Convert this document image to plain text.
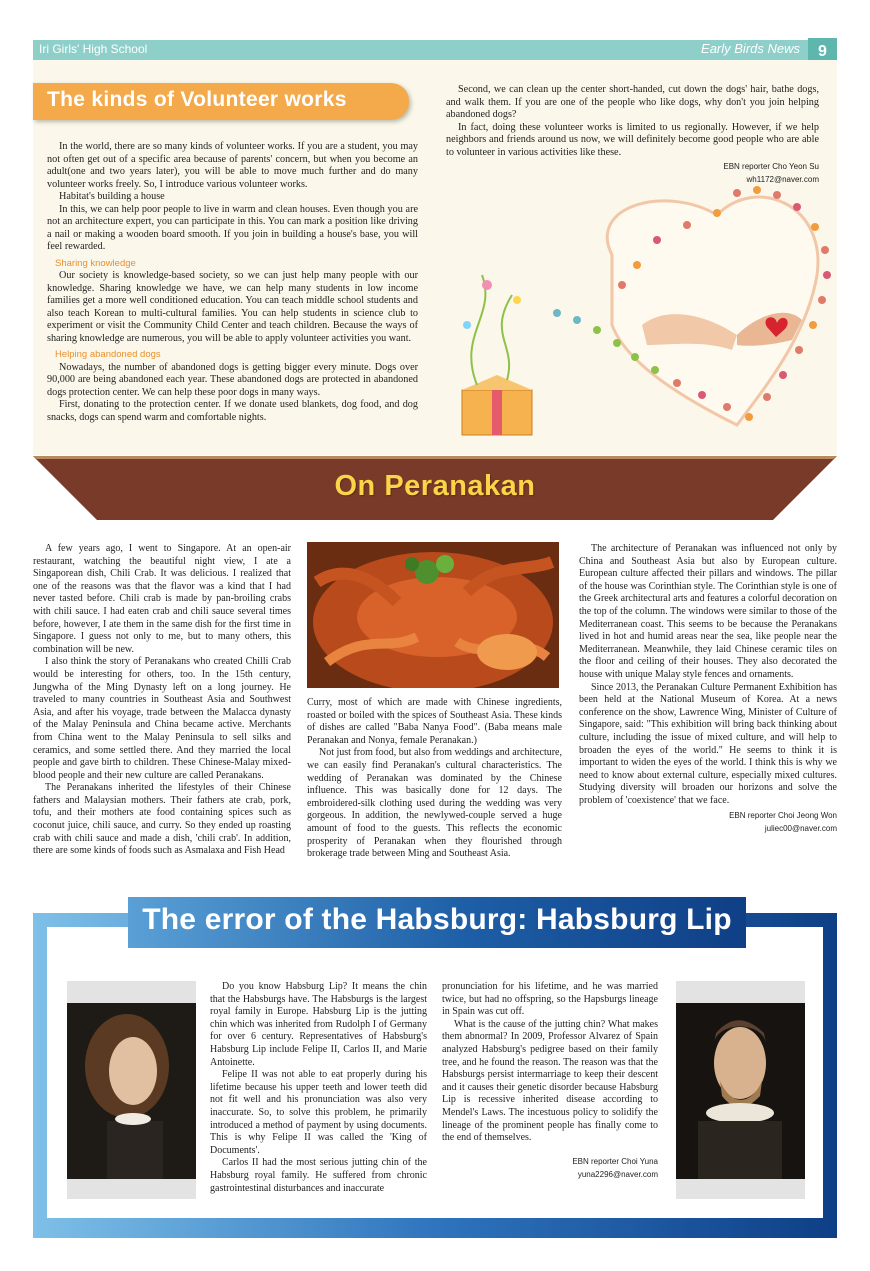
Iri Girls' High School	Early Birds News	9
The kinds of Volunteer works

In the world, there are so many kinds of volunteer works. If you are a student, you may not often get out of a specific area because of parents' concern, but when you become an adult(one and two years later), you will be able to move much further and do many volunteer works freely. So, I introduce various volunteer works.

Habitat's building a house

In this, we can help poor people to live in warm and clean houses. Even though you are not an architecture expert, you can participate in this. You can mark a position like driving a nail or making a wooden board smooth. If you join in building a house's base, you will feel rewarded.

Sharing knowledge

Our society is knowledge-based society, so we can just help many people with our knowledge. Sharing knowledge we have, we can help many students in low income families get a more well conditioned education. You can teach middle school students and also teach Korean to multi-cultural families. You can help students in science club to experiment or visit the Community Child Center and teach children. Because the ways of sharing knowledge are numerous, you will be able to apply volunteer activities you want.

Helping abandoned dogs

Nowadays, the number of abandoned dogs is getting bigger every minute. Dogs over 90,000 are being abandoned each year. These abandoned dogs are protected in abandoned dogs protection center. We can help these poor dogs in many ways.

First, donating to the protection center. If we donate used blankets, dog food, and dog snacks, dogs can spend warm and comfortable nights.

Second, we can clean up the center short-handed, cut down the dogs' hair, bathe dogs, and walk them. If you are one of the people who like dogs, why don't you join helping abandoned dogs?

In fact, doing these volunteer works is limited to us regionally. However, if we help neighbors and friends around us now, we will definitely become good people who are able to volunteer in various activities like these.

EBN reporter Cho Yeon Su

wh1172@naver.com

On Peranakan

A few years ago, I went to Singapore. At an open-air restaurant, watching the beautiful night view, I ate a Singaporean dish, Chili Crab. It was delicious. I realized that one of the reasons was that the flavor was a kind that I had never tasted before. Chili crab is made by pan-broiling crabs with chili sauce. I had eaten crab and chili sauce several times before, however, I ate them in the same dish for the first time in Singapore. I guess not only to me, but to many others, this combination will be new.

I also think the story of Peranakans who created Chilli Crab would be interesting for others, too. In the 15th century, Jungwha of the Ming Dynasty left on a long journey. He traveled to many countries in Southeast Asia and Southwest Asia, and after his voyage, trade between the Malacca dynasty of the Malay Peninsula and China became active. Merchants from China went to the Malay Peninsula to sell silks and ceramics, and some settled there. And they married the local people and gave birth to children. These Chinese-Malay mixed-blood people and their new culture are called Peranakans.

The Peranakans inherited the lifestyles of their Chinese fathers and Malaysian mothers. Their fathers ate crab, pork, tofu, and their mothers ate food containing spices such as coconut juice, chili sauce, and curry. So they ended up roasting crab with chili sauce and made a dish, 'chili crab'. In addition, there are some kinds of foods such as Asmalaxa and Fish Head

Curry, most of which are made with Chinese ingredients, roasted or boiled with the spices of Southeast Asia. These kinds of dishes are called "Baba Nanya Food". (Baba means male Peranakan and Nonya, female Peranakan.)

Not just from food, but also from weddings and architecture, we can easily find Peranakan's cultural characteristics. The wedding of Peranakan was dominated by the Chinese influence. This was basically done for 12 days. The embroidered-silk clothing used during the wedding was very gorgeous. In addition, the newlywed-couple served a huge amount of food to the guests. This reflects the economic prosperity of Peranakan when they flourished through brokerage trade between Ming and Southeast Asia.

The architecture of Peranakan was influenced not only by China and Southeast Asia but also by European culture. European culture affected their pillars and windows. The pillar of the house was Corinthian style. The Corinthian style is one of the Greek architectural arts and features a colorful decoration on the top of the column. The windows were similar to those of the Mediterranean coast. This seems to be because the Peranakans lived in hot and humid areas near the sea, like people near the Mediterranean. Meanwhile, they laid Chinese ceramic tiles on the floor and ceiling of their houses. They also decorated the house with unique Malay style fences and ornaments.

Since 2013, the Peranakan Culture Permanent Exhibition has been held at the National Museum of Korea. At a news conference on the show, Lawrence Wing, Minister of Culture of Singapore, said: "This exhibition will bring back thinking about culture, including the issue of mixed culture, and will help to broaden the eyes of the world." He seems to think it is important to widen the eyes of the world. I think this is why we need to know about external culture, especially mixed cultures. Studying diversity will broaden our horizons and solve the problem of 'coexistence' that we face.

EBN reporter Choi Jeong Won

juliec00@naver.com

The error of the Habsburg: Habsburg Lip

Do you know Habsburg Lip? It means the chin that the Habsburgs have. The Habsburgs is the largest royal family in Europe. Habsburg Lip is the jutting chin which was inherited from Rudolph I of Germany for over 6 century. Representatives of Habsburg's Habsburg Lip include Felipe II, Carlos II, and Marie Antoinette.

Felipe II was not able to eat properly during his lifetime because his upper teeth and lower teeth did not fit well and his pronunciation was also very inaccurate. So, to solve this problem, he primarily introduced a method of payment by using documents. This is why Felipe II was called the 'King of Documents'.

Carlos II had the most serious jutting chin of the Habsburg royal family. He suffered from chronic gastrointestinal disturbances and inaccurate

pronunciation for his lifetime, and he was married twice, but had no offspring, so the Hapsburgs lineage in Spain was cut off.

What is the cause of the jutting chin? What makes them abnormal? In 2009, Professor Alvarez of Spain analyzed Habsburg's pedigree based on their family tree, and he found the reason. The reason was that the Habsburgs persist intermarriage to keep their descent and it causes their genetic disorder because Habsburg Lip is recessive inherited disease according to Mendel's Laws. The incestuous policy to solidify the lineage of the prominent people has finally come to the end of themselves.

EBN reporter Choi Yuna

yuna2296@naver.com
